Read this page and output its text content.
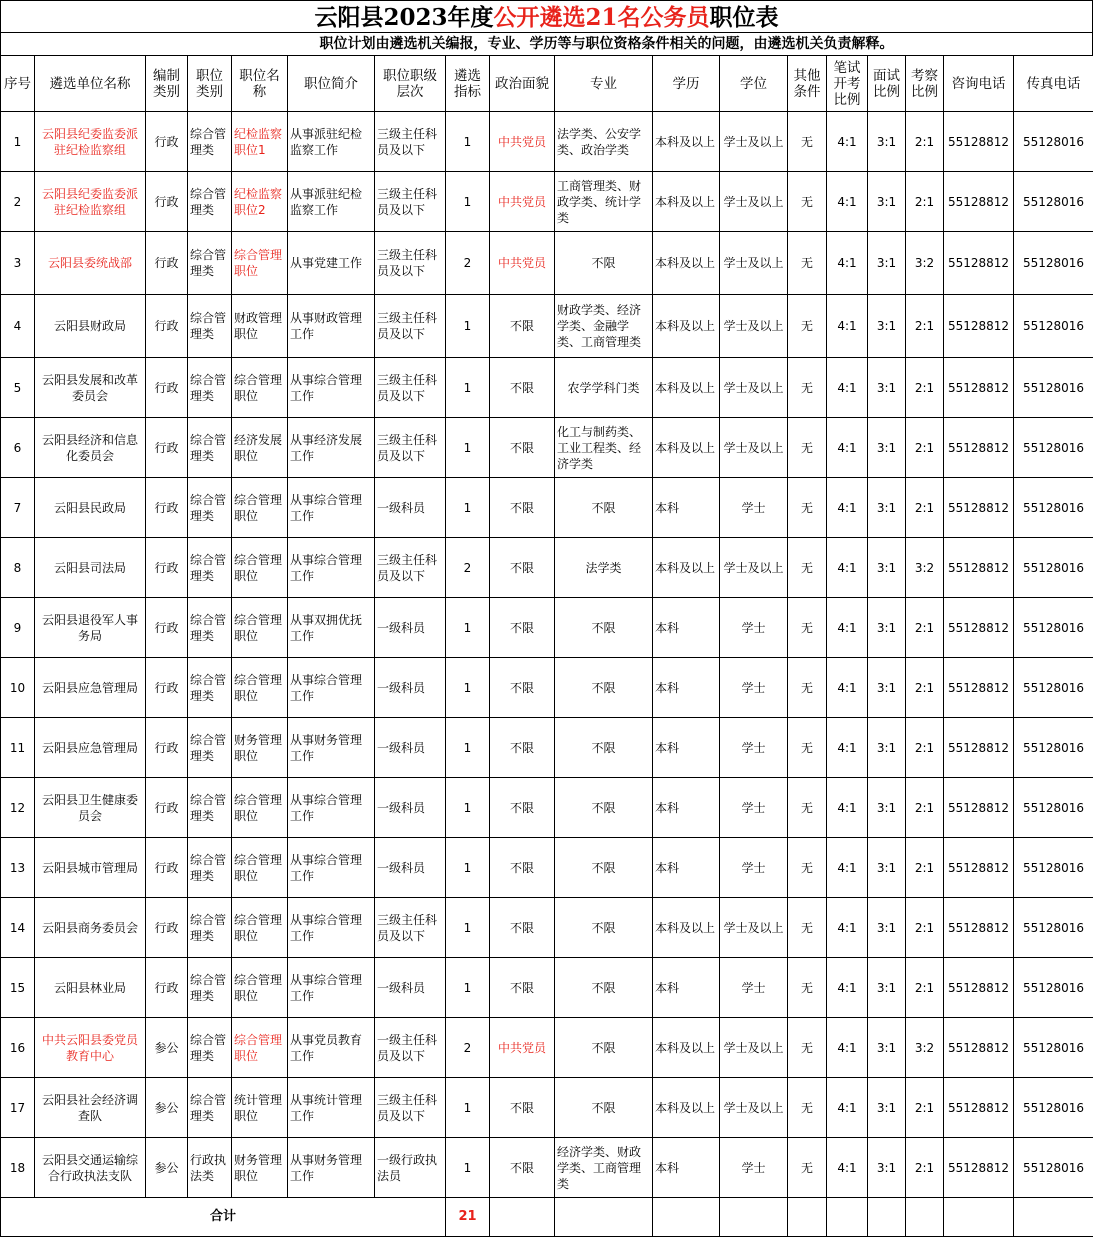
云阳县2023年度公开遴选21名公务员职位表
职位计划由遴选机关编报，专业、学历等与职位资格条件相关的问题，由遴选机关负责解释。
序号	遴选单位名称	编制类别	职位类别	职位名称	职位简介	职位职级层次	遴选指标	政治面貌	专业	学历	学位	其他条件	笔试开考比例	面试比例	考察比例	咨询电话	传真电话
1	云阳县纪委监委派驻纪检监察组	行政	综合管理类	纪检监察职位1	从事派驻纪检监察工作	三级主任科员及以下	1	中共党员	法学类、公安学类、政治学类	本科及以上	学士及以上	无	4:1	3:1	2:1	55128812	55128016
2	云阳县纪委监委派驻纪检监察组	行政	综合管理类	纪检监察职位2	从事派驻纪检监察工作	三级主任科员及以下	1	中共党员	工商管理类、财政学类、统计学类	本科及以上	学士及以上	无	4:1	3:1	2:1	55128812	55128016
3	云阳县委统战部	行政	综合管理类	综合管理职位	从事党建工作	三级主任科员及以下	2	中共党员	不限	本科及以上	学士及以上	无	4:1	3:1	3:2	55128812	55128016
4	云阳县财政局	行政	综合管理类	财政管理职位	从事财政管理工作	三级主任科员及以下	1	不限	财政学类、经济学类、金融学类、工商管理类	本科及以上	学士及以上	无	4:1	3:1	2:1	55128812	55128016
5	云阳县发展和改革委员会	行政	综合管理类	综合管理职位	从事综合管理工作	三级主任科员及以下	1	不限	农学学科门类	本科及以上	学士及以上	无	4:1	3:1	2:1	55128812	55128016
6	云阳县经济和信息化委员会	行政	综合管理类	经济发展职位	从事经济发展工作	三级主任科员及以下	1	不限	化工与制药类、工业工程类、经济学类	本科及以上	学士及以上	无	4:1	3:1	2:1	55128812	55128016
7	云阳县民政局	行政	综合管理类	综合管理职位	从事综合管理工作	一级科员	1	不限	不限	本科	学士	无	4:1	3:1	2:1	55128812	55128016
8	云阳县司法局	行政	综合管理类	综合管理职位	从事综合管理工作	三级主任科员及以下	2	不限	法学类	本科及以上	学士及以上	无	4:1	3:1	3:2	55128812	55128016
9	云阳县退役军人事务局	行政	综合管理类	综合管理职位	从事双拥优抚工作	一级科员	1	不限	不限	本科	学士	无	4:1	3:1	2:1	55128812	55128016
10	云阳县应急管理局	行政	综合管理类	综合管理职位	从事综合管理工作	一级科员	1	不限	不限	本科	学士	无	4:1	3:1	2:1	55128812	55128016
11	云阳县应急管理局	行政	综合管理类	财务管理职位	从事财务管理工作	一级科员	1	不限	不限	本科	学士	无	4:1	3:1	2:1	55128812	55128016
12	云阳县卫生健康委员会	行政	综合管理类	综合管理职位	从事综合管理工作	一级科员	1	不限	不限	本科	学士	无	4:1	3:1	2:1	55128812	55128016
13	云阳县城市管理局	行政	综合管理类	综合管理职位	从事综合管理工作	一级科员	1	不限	不限	本科	学士	无	4:1	3:1	2:1	55128812	55128016
14	云阳县商务委员会	行政	综合管理类	综合管理职位	从事综合管理工作	三级主任科员及以下	1	不限	不限	本科及以上	学士及以上	无	4:1	3:1	2:1	55128812	55128016
15	云阳县林业局	行政	综合管理类	综合管理职位	从事综合管理工作	一级科员	1	不限	不限	本科	学士	无	4:1	3:1	2:1	55128812	55128016
16	中共云阳县委党员教育中心	参公	综合管理类	综合管理职位	从事党员教育工作	一级主任科员及以下	2	中共党员	不限	本科及以上	学士及以上	无	4:1	3:1	3:2	55128812	55128016
17	云阳县社会经济调查队	参公	综合管理类	统计管理职位	从事统计管理工作	三级主任科员及以下	1	不限	不限	本科及以上	学士及以上	无	4:1	3:1	2:1	55128812	55128016
18	云阳县交通运输综合行政执法支队	参公	行政执法类	财务管理职位	从事财务管理工作	一级行政执法员	1	不限	经济学类、财政学类、工商管理类	本科	学士	无	4:1	3:1	2:1	55128812	55128016
合计							21										
